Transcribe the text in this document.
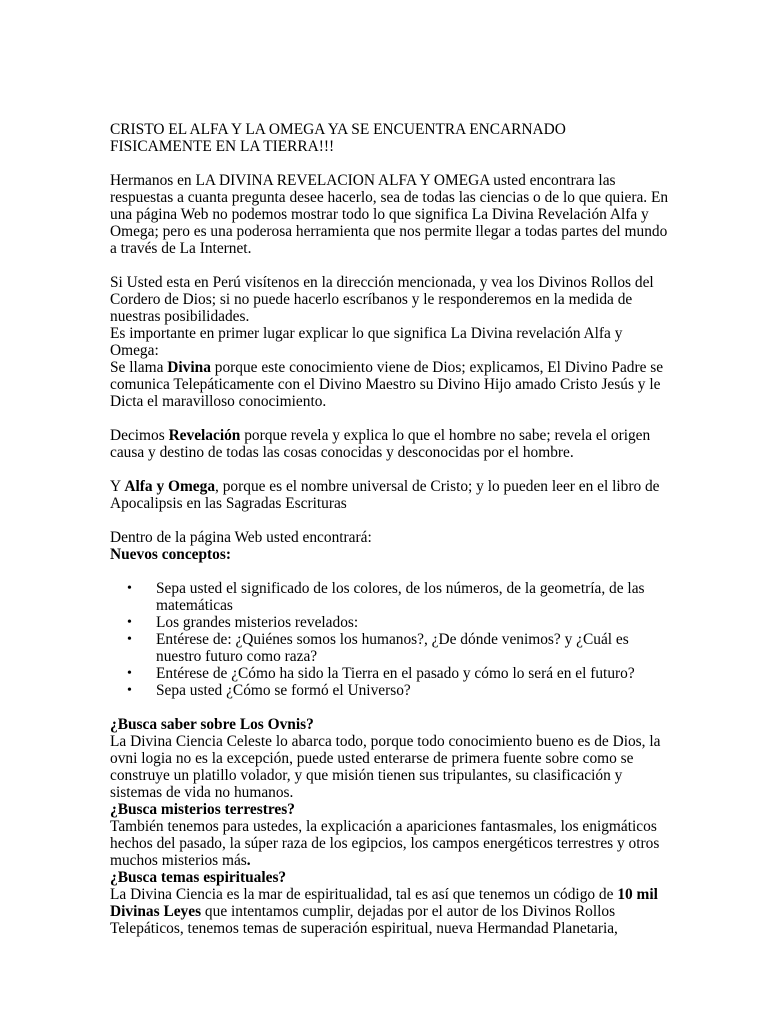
CRISTO EL ALFA Y LA OMEGA YA SE ENCUENTRA ENCARNADO
FISICAMENTE EN LA TIERRA!!!

Hermanos en LA DIVINA REVELACION ALFA Y OMEGA usted encontrara las respuestas a cuanta pregunta desee hacerlo, sea de todas las ciencias o de lo que quiera. En una página Web no podemos mostrar todo lo que significa La Divina Revelación Alfa y Omega; pero es una poderosa herramienta que nos permite llegar a todas partes del mundo a través de La Internet.

Si Usted esta en Perú visítenos en la dirección mencionada, y vea los Divinos Rollos del Cordero de Dios; si no puede hacerlo escríbanos y le responderemos en la medida de nuestras posibilidades.

Es importante en primer lugar explicar lo que significa La Divina revelación Alfa y Omega:

Se llama Divina porque este conocimiento viene de Dios; explicamos, El Divino Padre se comunica Telepáticamente con el Divino Maestro su Divino Hijo amado Cristo Jesús y le Dicta el maravilloso conocimiento.

Decimos Revelación porque revela y explica lo que el hombre no sabe; revela el origen causa y destino de todas las cosas conocidas y desconocidas por el hombre.

Y Alfa y Omega, porque es el nombre universal de Cristo; y lo pueden leer en el libro de Apocalipsis en las Sagradas Escrituras

Dentro de la página Web usted encontrará:

Nuevos conceptos:

• Sepa usted el significado de los colores, de los números, de la geometría, de las matemáticas
• Los grandes misterios revelados:
• Entérese de: ¿Quiénes somos los humanos?, ¿De dónde venimos? y ¿Cuál es nuestro futuro como raza?
• Entérese de ¿Cómo ha sido la Tierra en el pasado y cómo lo será en el futuro?
• Sepa usted ¿Cómo se formó el Universo?

¿Busca saber sobre Los Ovnis?

La Divina Ciencia Celeste lo abarca todo, porque todo conocimiento bueno es de Dios, la ovni logia no es la excepción, puede usted enterarse de primera fuente sobre como se construye un platillo volador, y que misión tienen sus tripulantes, su clasificación y sistemas de vida no humanos.

¿Busca misterios terrestres?

También tenemos para ustedes, la explicación a apariciones fantasmales, los enigmáticos hechos del pasado, la súper raza de los egipcios, los campos energéticos terrestres y otros muchos misterios más.

¿Busca temas espirituales?

La Divina Ciencia es la mar de espiritualidad, tal es así que tenemos un código de 10 mil Divinas Leyes que intentamos cumplir, dejadas por el autor de los Divinos Rollos Telepáticos, tenemos temas de superación espiritual, nueva Hermandad Planetaria,
